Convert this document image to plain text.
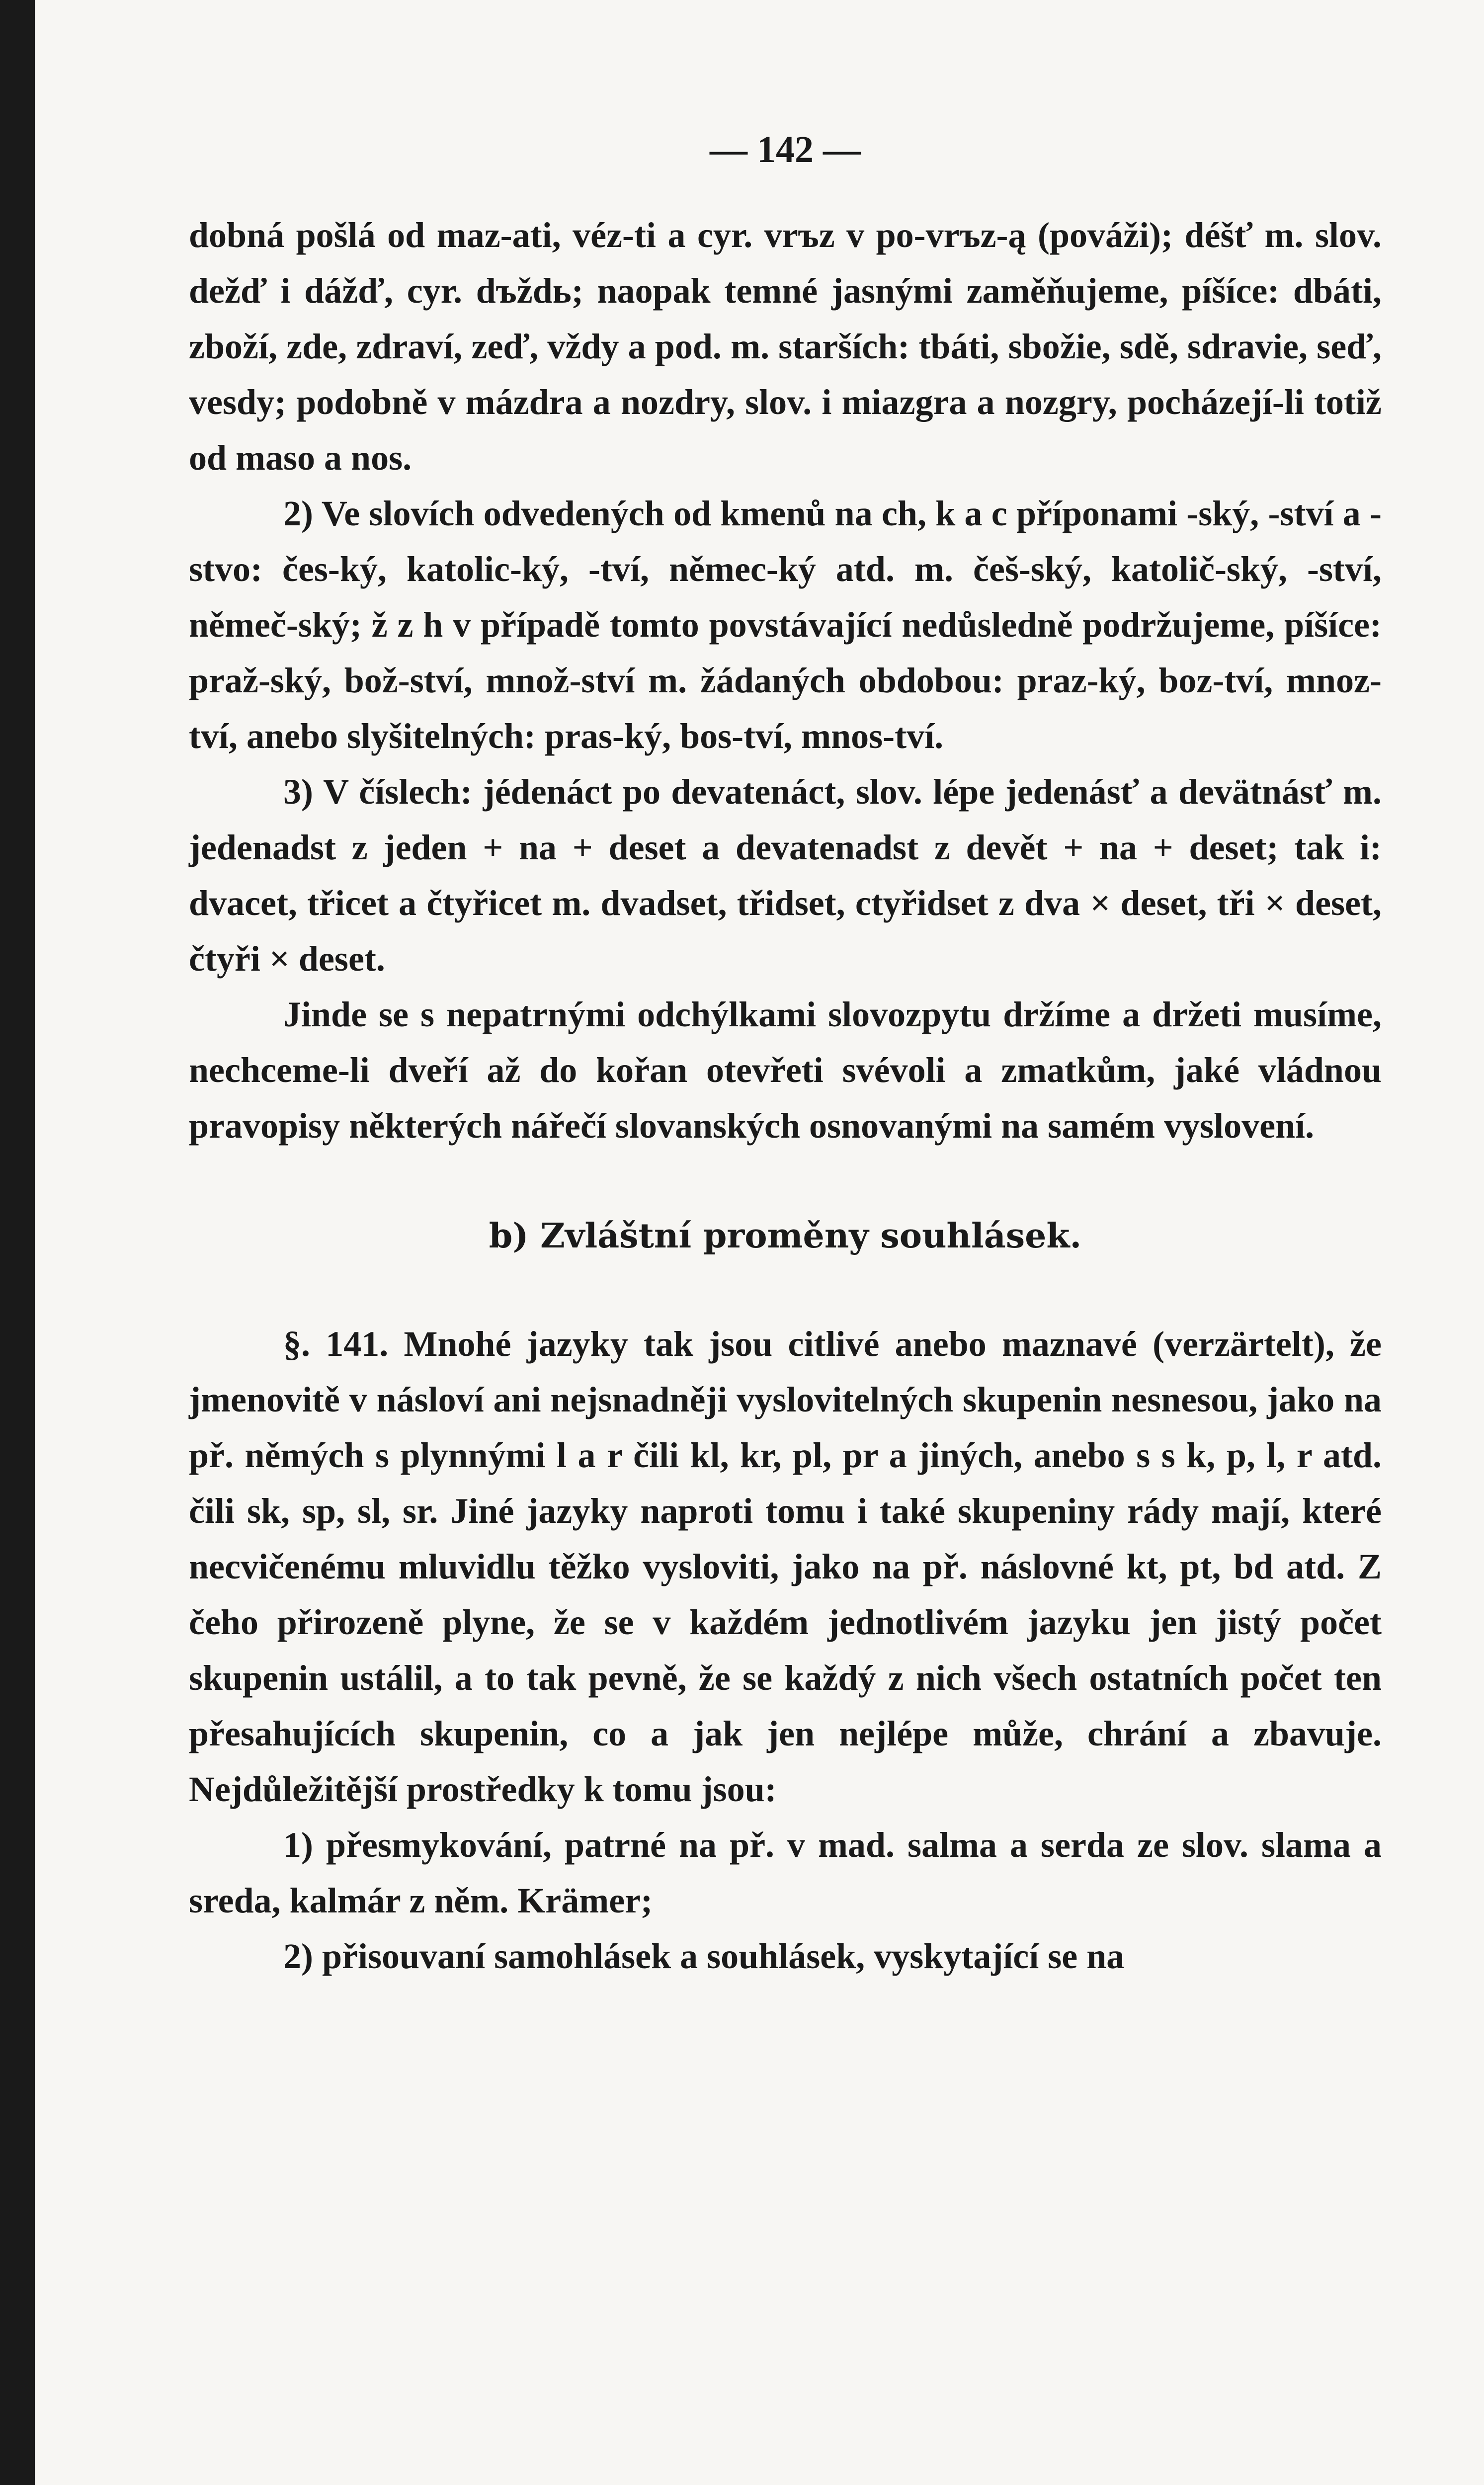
— 142 —

dobná pošlá od maz-ati, véz-ti a cyr. vrъz v po-vrъz-ą (pováži); déšť m. slov. dežď i dážď, cyr. dъždь; naopak temné jasnými zaměňujeme, píšíce: dbáti, zboží, zde, zdraví, zeď, vždy a pod. m. starších: tbáti, sbožie, sdě, sdravie, seď, vesdy; podobně v mázdra a nozdry, slov. i miazgra a nozgry, pocházejí-li totiž od maso a nos.

2) Ve slovích odvedených od kmenů na ch, k a c příponami -ský, -ství a -stvo: čes-ký, katolic-ký, -tví, němec-ký atd. m. češ-ský, katolič-ský, -ství, němeč-ský; ž z h v případě tomto povstávající nedůsledně podržujeme, píšíce: praž-ský, bož-ství, množ-ství m. žádaných obdobou: praz-ký, boz-tví, mnoz-tví, anebo slyšitelných: pras-ký, bos-tví, mnos-tví.

3) V číslech: jédenáct po devatenáct, slov. lépe jedenásť a devätnásť m. jedenadst z jeden + na + deset a devatenadst z devět + na + deset; tak i: dvacet, třicet a čtyřicet m. dvadset, třidset, ctyřidset z dva × deset, tři × deset, čtyři × deset.

Jinde se s nepatrnými odchýlkami slovozpytu držíme a držeti musíme, nechceme-li dveří až do kořan otevřeti svévoli a zmatkům, jaké vládnou pravopisy některých nářečí slovanských osnovanými na samém vyslovení.

b) Zvláštní proměny souhlásek.

§. 141. Mnohé jazyky tak jsou citlivé anebo maznavé (verzärtelt), že jmenovitě v násloví ani nejsnadněji vyslovitelných skupenin nesnesou, jako na př. němých s plynnými l a r čili kl, kr, pl, pr a jiných, anebo s s k, p, l, r atd. čili sk, sp, sl, sr. Jiné jazyky naproti tomu i také skupeniny rády mají, které necvičenému mluvidlu těžko vysloviti, jako na př. náslovné kt, pt, bd atd. Z čeho přirozeně plyne, že se v každém jednotlivém jazyku jen jistý počet skupenin ustálil, a to tak pevně, že se každý z nich všech ostatních počet ten přesahujících skupenin, co a jak jen nejlépe může, chrání a zbavuje. Nejdůležitější prostředky k tomu jsou:

1) přesmykování, patrné na př. v mad. salma a serda ze slov. slama a sreda, kalmár z něm. Krämer;

2) přisouvaní samohlásek a souhlásek, vyskytající se na
